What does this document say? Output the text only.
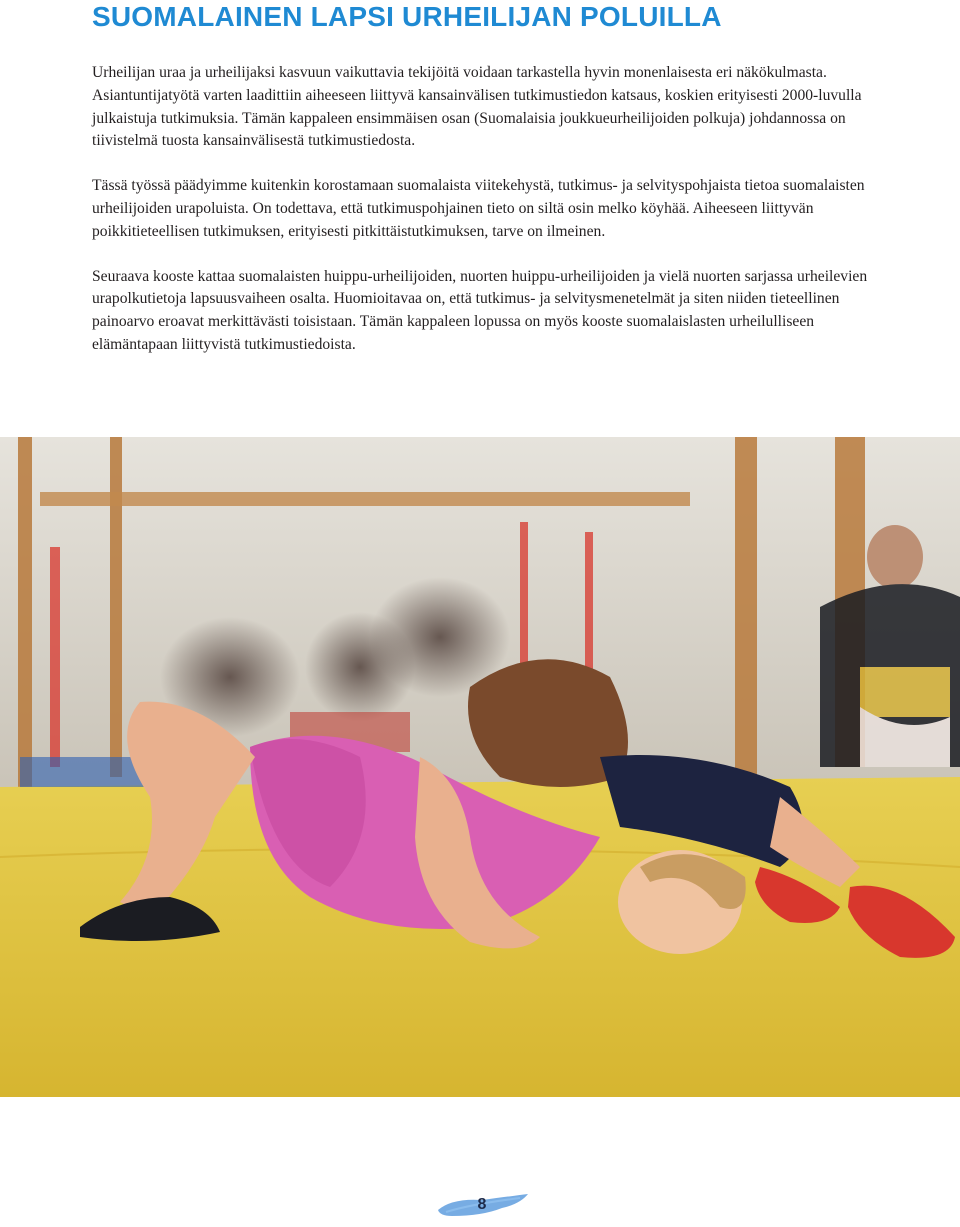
SUOMALAINEN LAPSI URHEILIJAN POLUILLA

Urheilijan uraa ja urheilijaksi kasvuun vaikuttavia tekijöitä voidaan tarkastella hyvin monenlaisesta eri näkökulmasta. Asiantuntijatyötä varten laadittiin aiheeseen liittyvä kansainvälisen tutkimustiedon katsaus, koskien erityisesti 2000-luvulla julkaistuja tutkimuksia. Tämän kappaleen ensimmäisen osan (Suomalaisia joukkueurheilijoiden polkuja) johdannossa on tiivistelmä tuosta kansainvälisestä tutkimustiedosta.

Tässä työssä päädyimme kuitenkin korostamaan suomalaista viitekehystä, tutkimus- ja selvityspohjaista tietoa suomalaisten urheilijoiden urapoluista. On todettava, että tutkimuspohjainen tieto on siltä osin melko köyhää. Aiheeseen liittyvän poikkitieteellisen tutkimuksen, erityisesti pitkittäistutkimuksen, tarve on ilmeinen.

Seuraava kooste kattaa suomalaisten huippu-urheilijoiden, nuorten huippu-urheilijoiden ja vielä nuorten sarjassa urheilevien urapolkutietoja lapsuusvaiheen osalta. Huomioitavaa on, että tutkimus- ja selvitysmenetelmät ja siten niiden tieteellinen painoarvo eroavat merkittävästi toisistaan. Tämän kappaleen lopussa on myös kooste suomalaislasten urheilulliseen elämäntapaan liittyvistä tutkimustiedoista.

8
